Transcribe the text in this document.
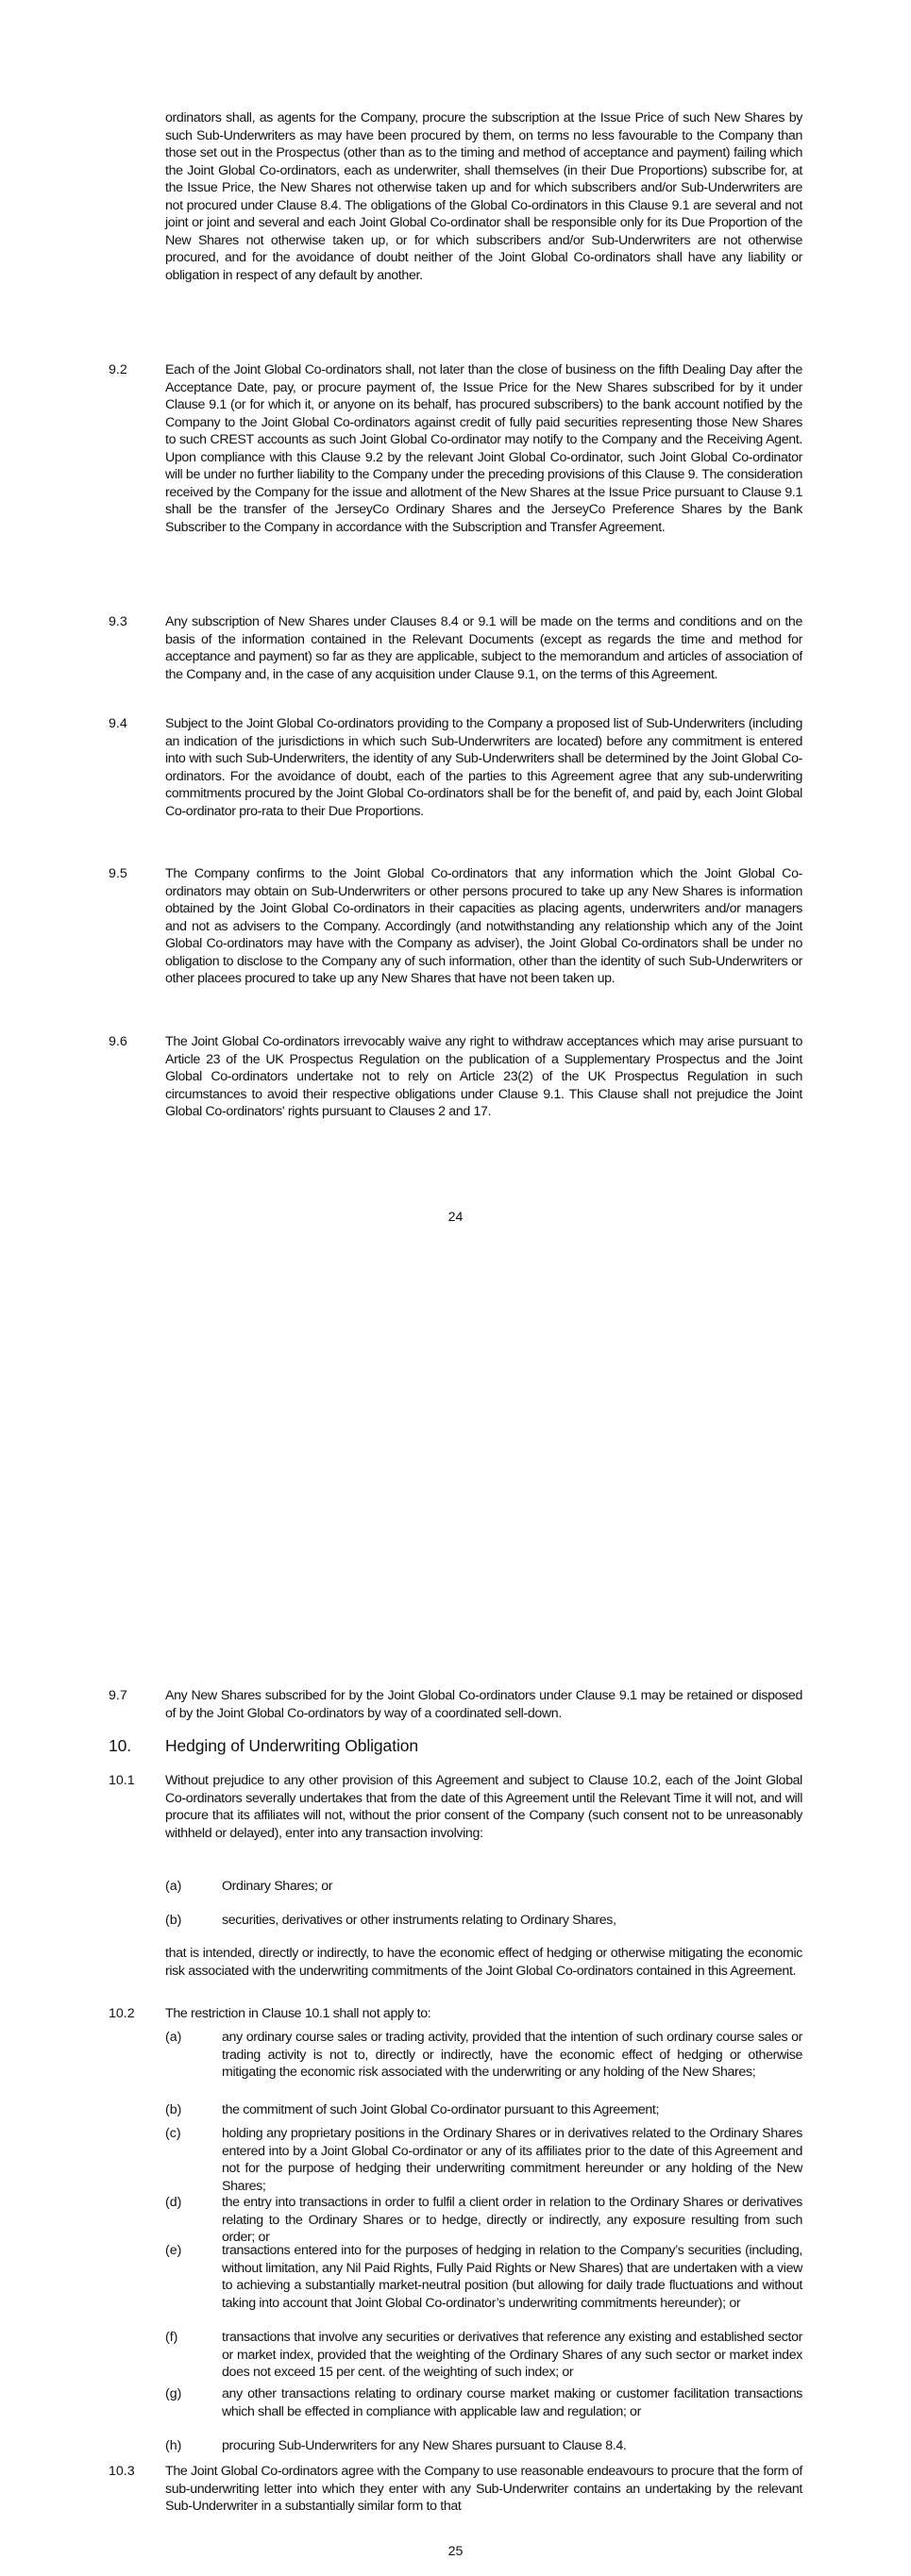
ordinators shall, as agents for the Company, procure the subscription at the Issue Price of such New Shares by such Sub-Underwriters as may have been procured by them, on terms no less favourable to the Company than those set out in the Prospectus (other than as to the timing and method of acceptance and payment) failing which the Joint Global Co-ordinators, each as underwriter, shall themselves (in their Due Proportions) subscribe for, at the Issue Price, the New Shares not otherwise taken up and for which subscribers and/or Sub-Underwriters are not procured under Clause 8.4. The obligations of the Global Co-ordinators in this Clause 9.1 are several and not joint or joint and several and each Joint Global Co-ordinator shall be responsible only for its Due Proportion of the New Shares not otherwise taken up, or for which subscribers and/or Sub-Underwriters are not otherwise procured, and for the avoidance of doubt neither of the Joint Global Co-ordinators shall have any liability or obligation in respect of any default by another.
9.2	Each of the Joint Global Co-ordinators shall, not later than the close of business on the fifth Dealing Day after the Acceptance Date, pay, or procure payment of, the Issue Price for the New Shares subscribed for by it under Clause 9.1 (or for which it, or anyone on its behalf, has procured subscribers) to the bank account notified by the Company to the Joint Global Co-ordinators against credit of fully paid securities representing those New Shares to such CREST accounts as such Joint Global Co-ordinator may notify to the Company and the Receiving Agent. Upon compliance with this Clause 9.2 by the relevant Joint Global Co-ordinator, such Joint Global Co-ordinator will be under no further liability to the Company under the preceding provisions of this Clause 9. The consideration received by the Company for the issue and allotment of the New Shares at the Issue Price pursuant to Clause 9.1 shall be the transfer of the JerseyCo Ordinary Shares and the JerseyCo Preference Shares by the Bank Subscriber to the Company in accordance with the Subscription and Transfer Agreement.
9.3	Any subscription of New Shares under Clauses 8.4 or 9.1 will be made on the terms and conditions and on the basis of the information contained in the Relevant Documents (except as regards the time and method for acceptance and payment) so far as they are applicable, subject to the memorandum and articles of association of the Company and, in the case of any acquisition under Clause 9.1, on the terms of this Agreement.
9.4	Subject to the Joint Global Co-ordinators providing to the Company a proposed list of Sub-Underwriters (including an indication of the jurisdictions in which such Sub-Underwriters are located) before any commitment is entered into with such Sub-Underwriters, the identity of any Sub-Underwriters shall be determined by the Joint Global Co-ordinators. For the avoidance of doubt, each of the parties to this Agreement agree that any sub-underwriting commitments procured by the Joint Global Co-ordinators shall be for the benefit of, and paid by, each Joint Global Co-ordinator pro-rata to their Due Proportions.
9.5	The Company confirms to the Joint Global Co-ordinators that any information which the Joint Global Co-ordinators may obtain on Sub-Underwriters or other persons procured to take up any New Shares is information obtained by the Joint Global Co-ordinators in their capacities as placing agents, underwriters and/or managers and not as advisers to the Company. Accordingly (and notwithstanding any relationship which any of the Joint Global Co-ordinators may have with the Company as adviser), the Joint Global Co-ordinators shall be under no obligation to disclose to the Company any of such information, other than the identity of such Sub-Underwriters or other placees procured to take up any New Shares that have not been taken up.
9.6	The Joint Global Co-ordinators irrevocably waive any right to withdraw acceptances which may arise pursuant to Article 23 of the UK Prospectus Regulation on the publication of a Supplementary Prospectus and the Joint Global Co-ordinators undertake not to rely on Article 23(2) of the UK Prospectus Regulation in such circumstances to avoid their respective obligations under Clause 9.1. This Clause shall not prejudice the Joint Global Co-ordinators' rights pursuant to Clauses 2 and 17.
24
9.7	Any New Shares subscribed for by the Joint Global Co-ordinators under Clause 9.1 may be retained or disposed of by the Joint Global Co-ordinators by way of a coordinated sell-down.
10. Hedging of Underwriting Obligation
10.1	Without prejudice to any other provision of this Agreement and subject to Clause 10.2, each of the Joint Global Co-ordinators severally undertakes that from the date of this Agreement until the Relevant Time it will not, and will procure that its affiliates will not, without the prior consent of the Company (such consent not to be unreasonably withheld or delayed), enter into any transaction involving:
(a)	Ordinary Shares; or
(b)	securities, derivatives or other instruments relating to Ordinary Shares,
that is intended, directly or indirectly, to have the economic effect of hedging or otherwise mitigating the economic risk associated with the underwriting commitments of the Joint Global Co-ordinators contained in this Agreement.
10.2	The restriction in Clause 10.1 shall not apply to:
(a)	any ordinary course sales or trading activity, provided that the intention of such ordinary course sales or trading activity is not to, directly or indirectly, have the economic effect of hedging or otherwise mitigating the economic risk associated with the underwriting or any holding of the New Shares;
(b)	the commitment of such Joint Global Co-ordinator pursuant to this Agreement;
(c)	holding any proprietary positions in the Ordinary Shares or in derivatives related to the Ordinary Shares entered into by a Joint Global Co-ordinator or any of its affiliates prior to the date of this Agreement and not for the purpose of hedging their underwriting commitment hereunder or any holding of the New Shares;
(d)	the entry into transactions in order to fulfil a client order in relation to the Ordinary Shares or derivatives relating to the Ordinary Shares or to hedge, directly or indirectly, any exposure resulting from such order; or
(e)	transactions entered into for the purposes of hedging in relation to the Company’s securities (including, without limitation, any Nil Paid Rights, Fully Paid Rights or New Shares) that are undertaken with a view to achieving a substantially market-neutral position (but allowing for daily trade fluctuations and without taking into account that Joint Global Co-ordinator’s underwriting commitments hereunder); or
(f)	transactions that involve any securities or derivatives that reference any existing and established sector or market index, provided that the weighting of the Ordinary Shares of any such sector or market index does not exceed 15 per cent. of the weighting of such index; or
(g)	any other transactions relating to ordinary course market making or customer facilitation transactions which shall be effected in compliance with applicable law and regulation; or
(h)	procuring Sub-Underwriters for any New Shares pursuant to Clause 8.4.
10.3	The Joint Global Co-ordinators agree with the Company to use reasonable endeavours to procure that the form of sub-underwriting letter into which they enter with any Sub-Underwriter contains an undertaking by the relevant Sub-Underwriter in a substantially similar form to that
25
